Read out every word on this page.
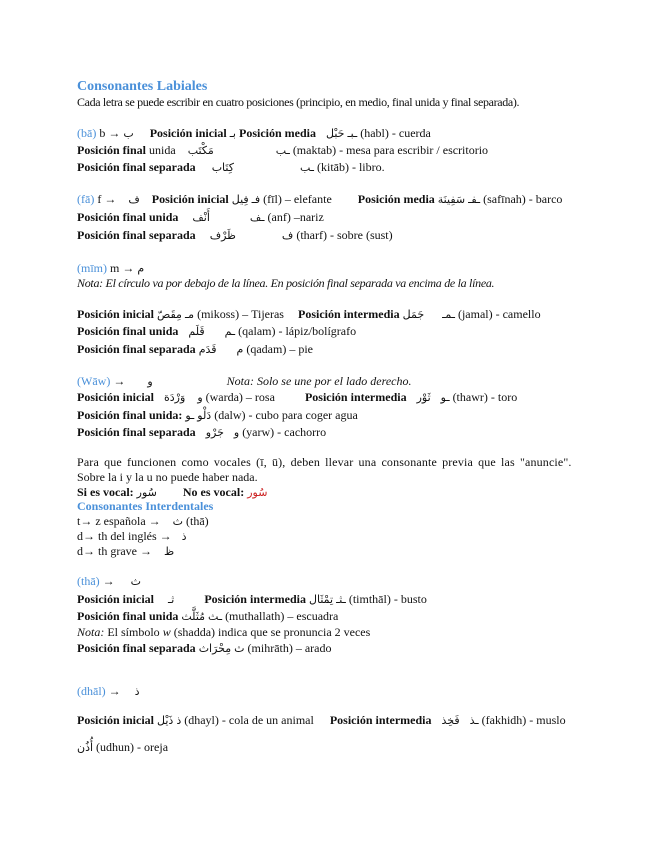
Consonantes Labiales
Cada letra se puede escribir en cuatro posiciones (principio, en medio, final unida y final separada).
(bā) b → ب Posición inicial بـ Posición media	ـبـ حَبْل (habl) - cuerda
Posición final unida	ـب  مَكْتَب	(maktab) - mesa para escribir / escritorio
Posición final separada	ـب  كِتَاب	(kitāb) - libro.
(fā) f → ف Posición inicial فـ فِيل (fīl) – elefante Posición media	ـفـ سَفِينَة (safīnah) - barco
Posición final unida	ـف  أَنْف	(anf) –nariz
Posición final separada	ف  ظَرْف	(tharf) - sobre (sust)
(mīm) m → م
Nota: El círculo va por debajo de la línea. En posición final separada va encima de la línea.
Posición inicial	مـ مِقَصّ (mikoss) – Tijeras Posición intermedia	ـمـ  جَمَل	(jamal) - camello
Posición final unida	ـم  قَلَم	(qalam) - lápiz/bolígrafo
Posición final separada	م  قَدَم (qadam) – pie
(Wāw) → و	Nota: Solo se une por el lado derecho.
Posición inicial	و  وَرْدَة (warda) – rosa	Posición intermedia	ـو  ثَوْر (thawr) - toro
Posición final unida: دَلْو ـو (dalw) - cubo para coger agua
Posición final separada	و  جَرْو (yarw) - cachorro
Para que funcionen como vocales (ī, ū), deben llevar una consonante previa que las "anuncie".
Sobre la i y la u no puede haber nada.
Si es vocal: سُور No es vocal: سُور
Consonantes Interdentales
t→ z española → ث (thā)
d→ th del inglés → ذ
d→ th grave → ظ
(thā) → ث
Posición inicial ثـ	Posición intermedia	ـثـ تِمْثَال (timthāl) - busto
Posición final unida	ـث مُثَلَّث (muthallath) – escuadra
Nota: El símbolo w (shadda) indica que se pronuncia 2 veces
Posición final separada	ث مِحْرَاث (mihrāth) – arado
(dhāl) → ذ
Posición inicial ذ ذَيْل (dhayl) - cola de un animal Posición intermedia	ـذ  فَخِذ (fakhidh) - muslo
أُذُن (udhun) - oreja
